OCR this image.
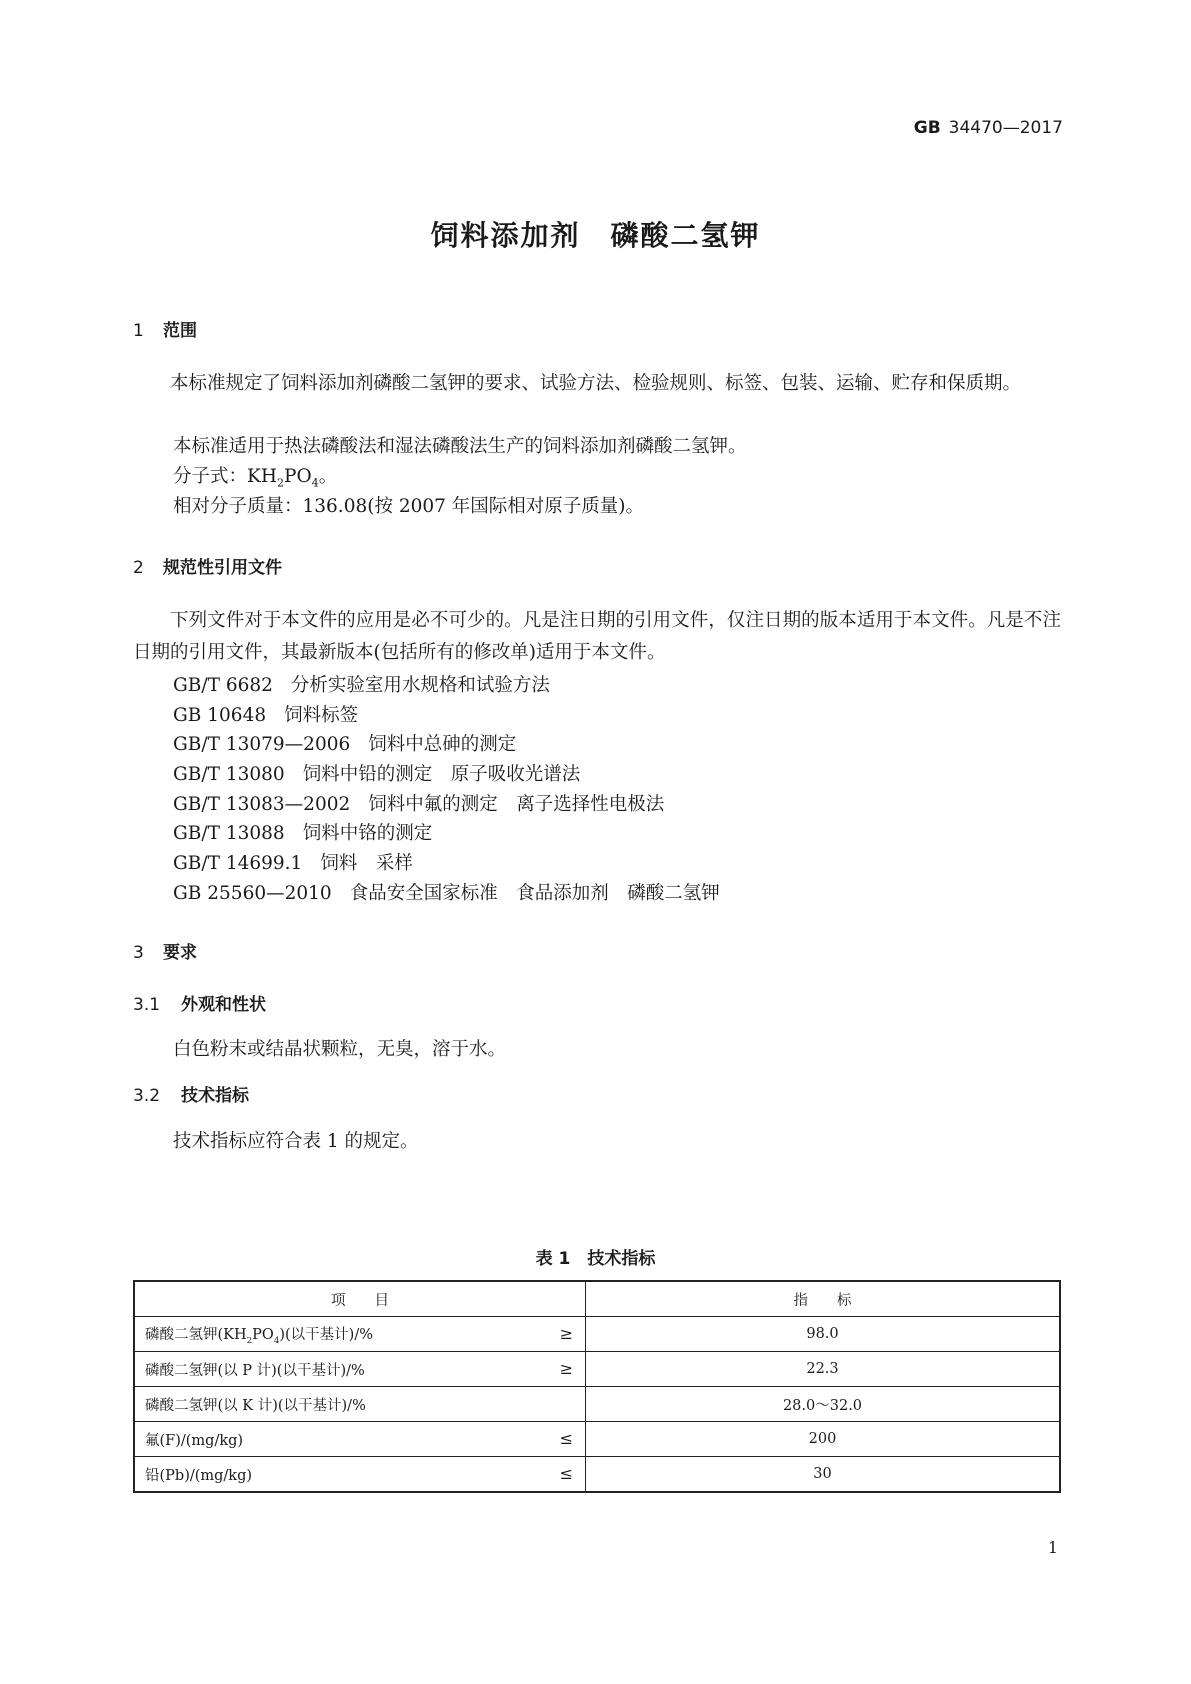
GB 34470—2017
饲料添加剂　磷酸二氢钾
1 范围
本标准规定了饲料添加剂磷酸二氢钾的要求、试验方法、检验规则、标签、包装、运输、贮存和保质期。
本标准适用于热法磷酸法和湿法磷酸法生产的饲料添加剂磷酸二氢钾。
分子式：$KH_2PO_4$。
相对分子质量：136.08(按 2007 年国际相对原子质量)。
2 规范性引用文件
下列文件对于本文件的应用是必不可少的。凡是注日期的引用文件，仅注日期的版本适用于本文件。凡是不注日期的引用文件，其最新版本(包括所有的修改单)适用于本文件。
GB/T 6682 分析实验室用水规格和试验方法
GB 10648 饲料标签
GB/T 13079—2006 饲料中总砷的测定
GB/T 13080 饲料中铅的测定　原子吸收光谱法
GB/T 13083—2002 饲料中氟的测定　离子选择性电极法
GB/T 13088 饲料中铬的测定
GB/T 14699.1 饲料　采样
GB 25560—2010 食品安全国家标准　食品添加剂　磷酸二氢钾
3 要求
3.1 外观和性状
白色粉末或结晶状颗粒，无臭，溶于水。
3.2 技术指标
技术指标应符合表 1 的规定。
表 1　技术指标
项　　目	指　　标
磷酸二氢钾$(KH_2PO_4)$(以干基计)/% ≥	98.0
磷酸二氢钾(以 P 计)(以干基计)/% ≥	22.3
磷酸二氢钾(以 K 计)(以干基计)/%	28.0～32.0
氟(F)/(mg/kg) ≤	200
铅(Pb)/(mg/kg) ≤	30
1
